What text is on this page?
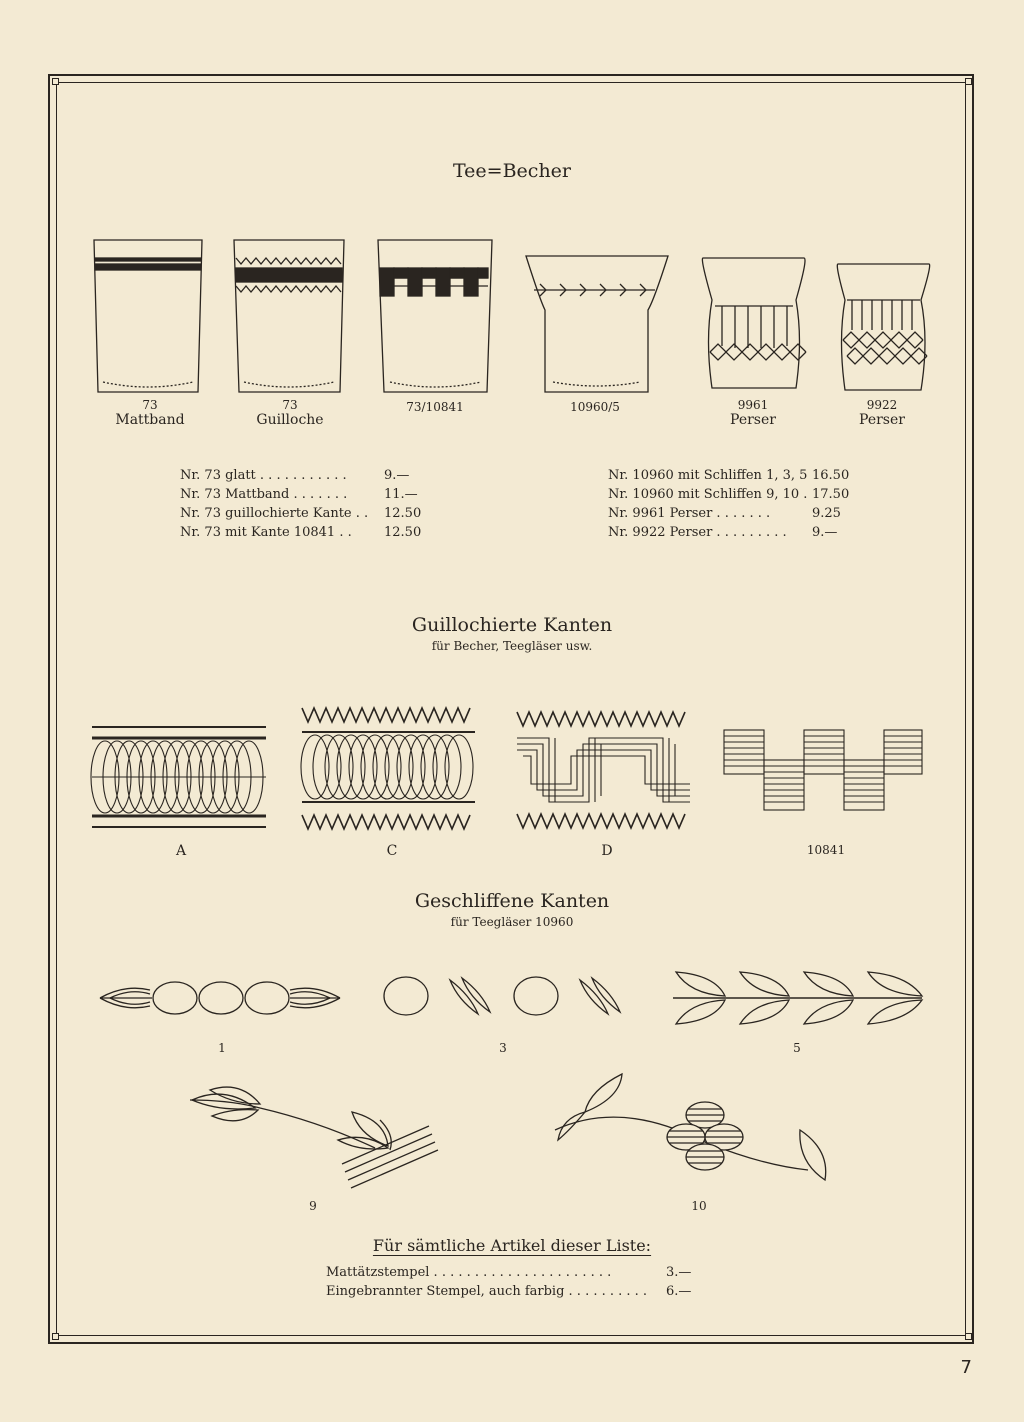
Tee=Becher
73
Mattband
73
Guilloche
73/10841	10960/5	9961
Perser
9922
Perser
Nr. 73 glatt . . . . . . . . . . .	9.—
Nr. 73 Mattband . . . . . . .	11.—
Nr. 73 guillochierte Kante . .	12.50
Nr. 73 mit Kante 10841 . .	12.50
Nr. 10960 mit Schliffen 1, 3, 5 16.50
Nr. 10960 mit Schliffen 9, 10 . 17.50
Nr. 9961 Perser . . . . . . .	9.25
Nr. 9922 Perser . . . . . . . . .	9.—
Guillochierte Kanten
für Becher, Teegläser usw.
A	C	D	10841
Geschliffene Kanten
für Teegläser 10960
1	3	5
9	10
Für sämtliche Artikel dieser Liste:
Mattätzstempel . . . . . . . . . . . . . . . . . . . . . .	3.—
Eingebrannter Stempel, auch farbig . . . . . . . . . .	6.—
7
